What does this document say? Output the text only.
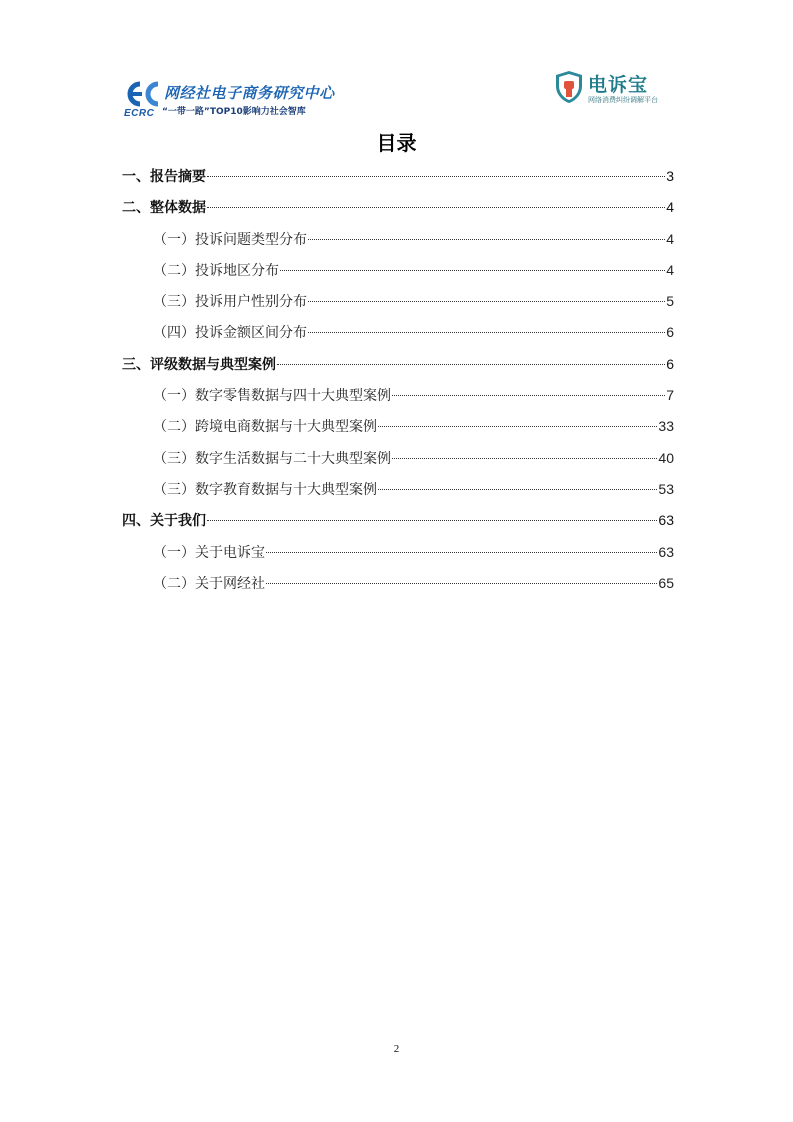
ECRC
网经社电子商务研究中心
“一带一路”TOP10影响力社会智库
电诉宝
网络消费纠纷调解平台
目录
一、报告摘要	3
二、整体数据	4
（一）投诉问题类型分布	4
（二）投诉地区分布	4
（三）投诉用户性别分布	5
（四）投诉金额区间分布	6
三、评级数据与典型案例	6
（一）数字零售数据与四十大典型案例	7
（二）跨境电商数据与十大典型案例	33
（三）数字生活数据与二十大典型案例	40
（三）数字教育数据与十大典型案例	53
四、关于我们	63
（一）关于电诉宝	63
（二）关于网经社	65
2
